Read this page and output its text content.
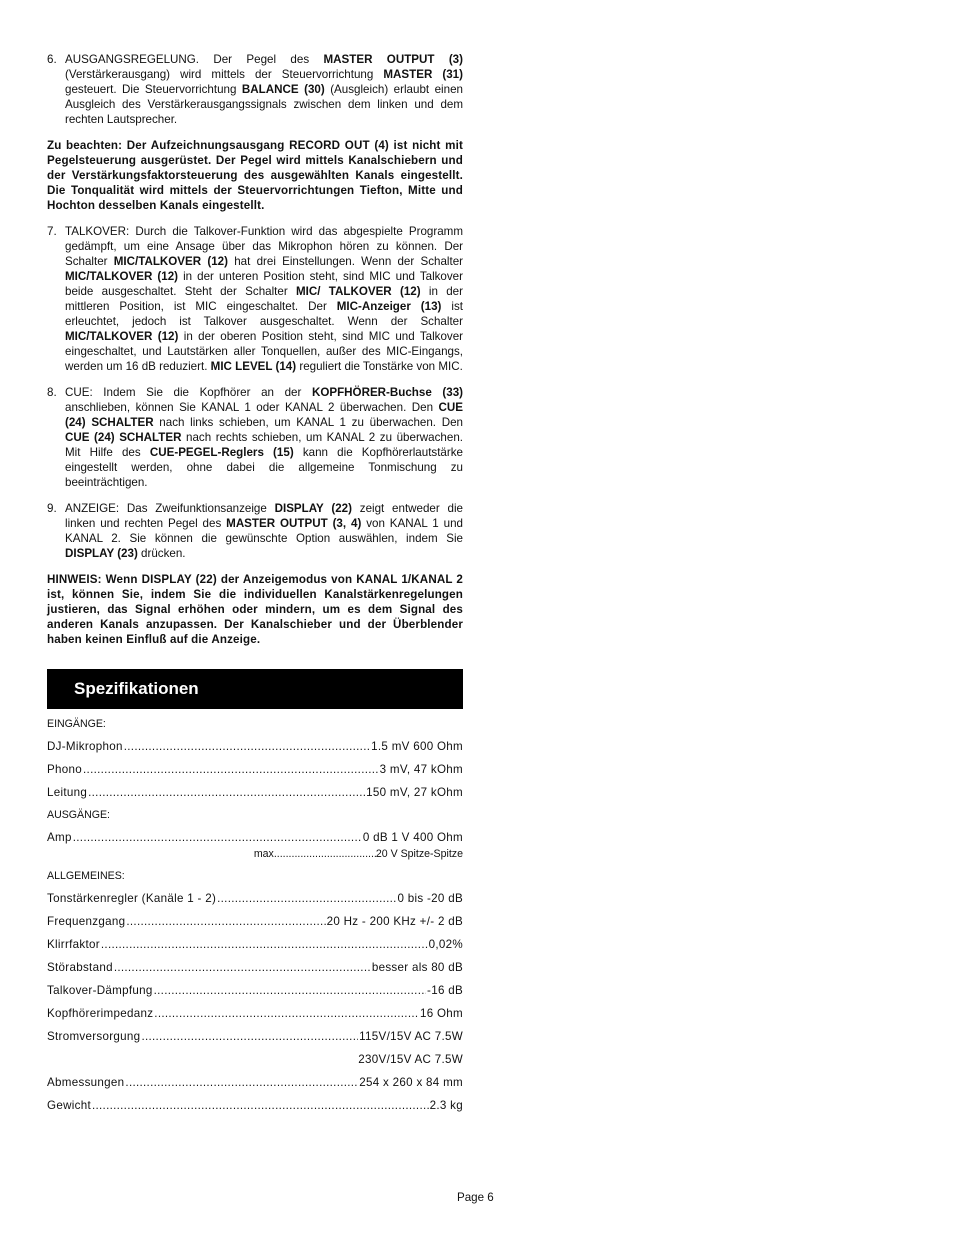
6. AUSGANGSREGELUNG. Der Pegel des MASTER OUTPUT (3) (Verstärkerausgang) wird mittels der Steuervorrichtung MASTER (31) gesteuert. Die Steuervorrichtung BALANCE (30) (Ausgleich) erlaubt einen Ausgleich des Verstärkerausgangssignals zwischen dem linken und dem rechten Lautsprecher.

Zu beachten: Der Aufzeichnungsausgang RECORD OUT (4) ist nicht mit Pegelsteuerung ausgerüstet. Der Pegel wird mittels Kanalschiebern und der Verstärkungsfaktorsteuerung des ausgewählten Kanals eingestellt. Die Tonqualität wird mittels der Steuervorrichtungen Tiefton, Mitte und Hochton desselben Kanals eingestellt.

7. TALKOVER: Durch die Talkover-Funktion wird das abgespielte Programm gedämpft, um eine Ansage über das Mikrophon hören zu können. Der Schalter MIC/TALKOVER (12) hat drei Einstellungen. Wenn der Schalter MIC/TALKOVER (12) in der unteren Position steht, sind MIC und Talkover beide ausgeschaltet. Steht der Schalter MIC/ TALKOVER (12) in der mittleren Position, ist MIC eingeschaltet. Der MIC-Anzeiger (13) ist erleuchtet, jedoch ist Talkover ausgeschaltet. Wenn der Schalter MIC/TALKOVER (12) in der oberen Position steht, sind MIC und Talkover eingeschaltet, und Lautstärken aller Tonquellen, außer des MIC-Eingangs, werden um 16 dB reduziert. MIC LEVEL (14) reguliert die Tonstärke von MIC.

8. CUE: Indem Sie die Kopfhörer an der KOPFHÖRER-Buchse (33) anschlieben, können Sie KANAL 1 oder KANAL 2 überwachen. Den CUE (24) SCHALTER nach links schieben, um KANAL 1 zu überwachen. Den CUE (24) SCHALTER nach rechts schieben, um KANAL 2 zu überwachen. Mit Hilfe des CUE-PEGEL-Reglers (15) kann die Kopfhörerlautstärke eingestellt werden, ohne dabei die allgemeine Tonmischung zu beeinträchtigen.

9. ANZEIGE: Das Zweifunktionsanzeige DISPLAY (22) zeigt entweder die linken und rechten Pegel des MASTER OUTPUT (3, 4) von KANAL 1 und KANAL 2. Sie können die gewünschte Option auswählen, indem Sie DISPLAY (23) drücken.

HINWEIS: Wenn DISPLAY (22) der Anzeigemodus von KANAL 1/KANAL 2 ist, können Sie, indem Sie die individuellen Kanalstärkenregelungen justieren, das Signal erhöhen oder mindern, um es dem Signal des anderen Kanals anzupassen. Der Kanalschieber und der Überblender haben keinen Einfluß auf die Anzeige.

Spezifikationen
EINGÄNGE:
DJ-Mikrophon .....	1.5 mV 600 Ohm
Phono .....	3 mV, 47 kOhm
Leitung .....	150 mV, 27 kOhm
AUSGÄNGE:
Amp .....	0 dB 1 V 400 Ohm
max .....	20 V Spitze-Spitze
ALLGEMEINES:
Tonstärkenregler (Kanäle 1 - 2) .....	0 bis -20 dB
Frequenzgang .....	20 Hz - 200 KHz +/- 2 dB
Klirrfaktor .....	0,02%
Störabstand .....	besser als 80 dB
Talkover-Dämpfung .....	-16 dB
Kopfhörerimpedanz .....	16 Ohm
Stromversorgung .....	115V/15V AC 7.5W
230V/15V AC 7.5W
Abmessungen .....	254 x 260 x 84 mm
Gewicht .....	2.3 kg
Page 6
